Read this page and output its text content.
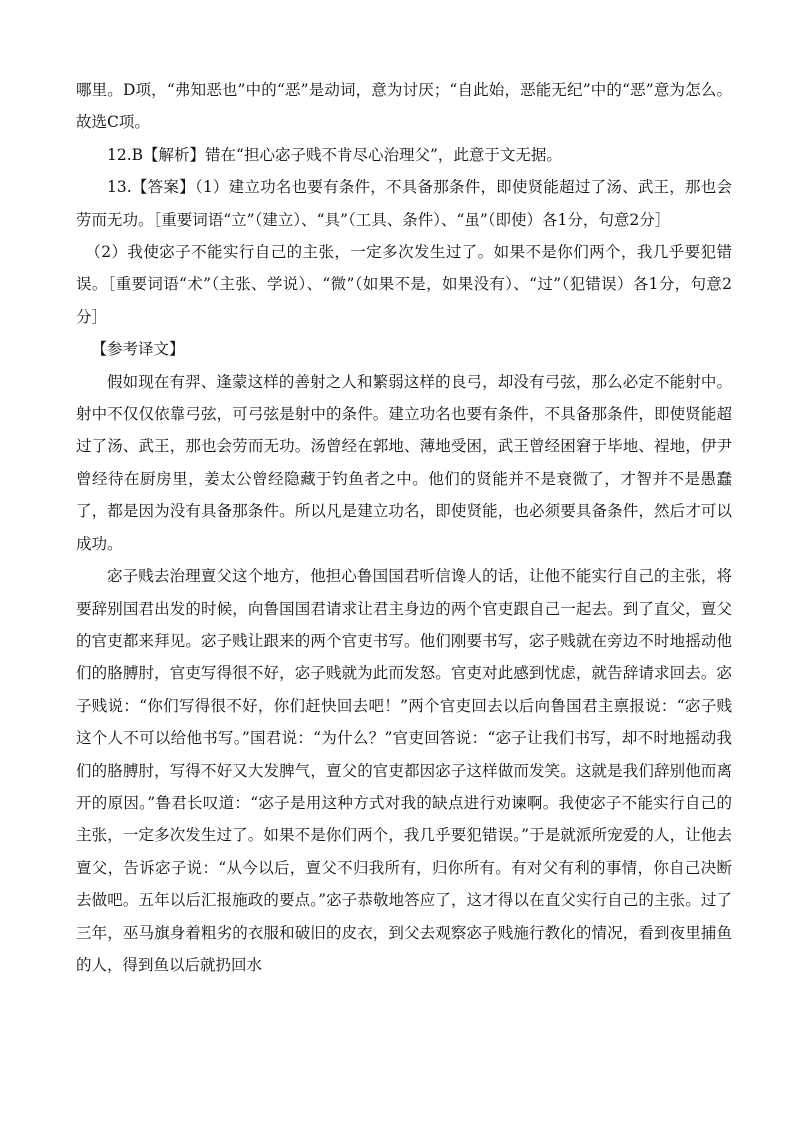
哪里。D项，“弗知恶也”中的“恶”是动词，意为讨厌；“自此始，恶能无纪”中的“恶”意为怎么。故选C项。

12.B【解析】错在“担心宓子贱不肯尽心治理父”，此意于文无据。

13.【答案】（1）建立功名也要有条件，不具备那条件，即使贤能超过了汤、武王，那也会劳而无功。［重要词语“立”（建立）、“具”（工具、条件）、“虽”（即使）各1分，句意2分］

（2）我使宓子不能实行自己的主张，一定多次发生过了。如果不是你们两个，我几乎要犯错误。［重要词语“术”（主张、学说）、“微”（如果不是，如果没有）、“过”（犯错误）各1分，句意2分］

【参考译文】

假如现在有羿、逢蒙这样的善射之人和繁弱这样的良弓，却没有弓弦，那么必定不能射中。射中不仅仅依靠弓弦，可弓弦是射中的条件。建立功名也要有条件，不具备那条件，即使贤能超过了汤、武王，那也会劳而无功。汤曾经在郭地、薄地受困，武王曾经困窘于毕地、裎地，伊尹曾经待在厨房里，姜太公曾经隐藏于钓鱼者之中。他们的贤能并不是衰微了，才智并不是愚蠢了，都是因为没有具备那条件。所以凡是建立功名，即使贤能，也必须要具备条件，然后才可以成功。

宓子贱去治理亶父这个地方，他担心鲁国国君听信谗人的话，让他不能实行自己的主张，将要辞别国君出发的时候，向鲁国国君请求让君主身边的两个官吏跟自己一起去。到了直父，亶父的官吏都来拜见。宓子贱让跟来的两个官吏书写。他们刚要书写，宓子贱就在旁边不时地摇动他们的胳膊肘，官吏写得很不好，宓子贱就为此而发怒。官吏对此感到忧虑，就告辞请求回去。宓子贱说：“你们写得很不好，你们赶快回去吧！”两个官吏回去以后向鲁国君主禀报说：“宓子贱这个人不可以给他书写。”国君说：“为什么？”官吏回答说：“宓子让我们书写，却不时地摇动我们的胳膊肘，写得不好又大发脾气，亶父的官吏都因宓子这样做而发笑。这就是我们辞别他而离开的原因。”鲁君长叹道：“宓子是用这种方式对我的缺点进行劝谏啊。我使宓子不能实行自己的主张，一定多次发生过了。如果不是你们两个，我几乎要犯错误。”于是就派所宠爱的人，让他去亶父，告诉宓子说：“从今以后，亶父不归我所有，归你所有。有对父有利的事情，你自己决断去做吧。五年以后汇报施政的要点。”宓子恭敬地答应了，这才得以在直父实行自己的主张。过了三年，巫马旗身着粗劣的衣服和破旧的皮衣，到父去观察宓子贱施行教化的情况，看到夜里捕鱼的人，得到鱼以后就扔回水
